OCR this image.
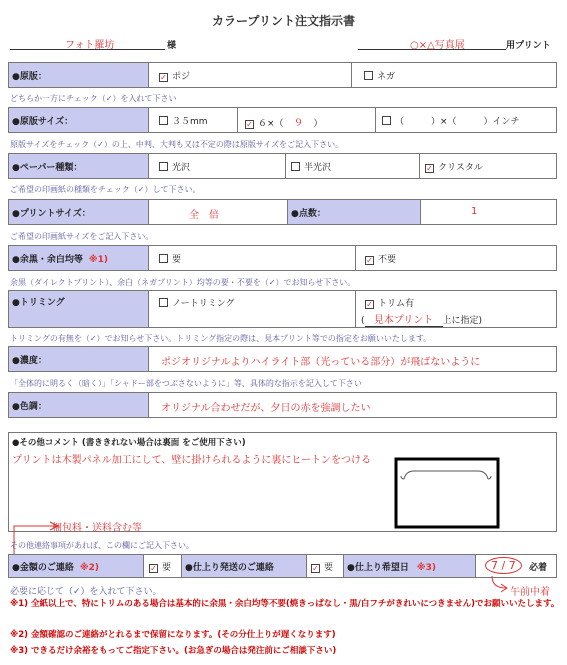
カラープリント注文指示書
フォト羅坊	様	○×△写真展	用プリント
●原版：	✓ ポジ	ネガ
どちらか一方にチェック（✓）を入れて下さい
●原版サイズ：	３５mm	✓ ６×（ ９ ）	（　　　）×（　　　）インチ
原版サイズをチェック（✓）の上、中判、大判も又は不定の際は原版サイズをご記入下さい。
●ペーパー種類：	光沢	半光沢	✓ クリスタル
ご希望の印画紙の種類をチェック（✓）して下さい。
●プリントサイズ：	全　倍	●点数：	1
ご希望の印画紙サイズをご記入下さい。
●余黒・余白均等 ※1)	要	✓ 不要
余黒（ダイレクトプリント）、余白（ネガプリント）均等の要・不要を（✓）でお知らせ下さい。
●トリミング	ノートリミング	✓ トリム有
( 見本プリント 上に指定)
トリミングの有無を（✓）でお知らせ下さい。トリミング指定の際は、見本プリント等での指定をお願いいたします。
●濃度：	ポジオリジナルよりハイライト部（光っている部分）が飛ばないように
「全体的に明るく（暗く）」「シャドー部をつぶさないように」等、具体的な指示を記入して下さい
●色調：	オリジナル合わせだが、夕日の赤を強調したい
●その他コメント (書ききれない場合は裏面 をご使用下さい)
プリントは木製パネル加工にして、壁に掛けられるように裏にヒートンをつける
梱包料・送料含む等
その他連絡事項があれば、この欄にご記入下さい。
●金額のご連絡 ※2)	✓ 要	●仕上り発送のご連絡	✓ 要	●仕上り希望日 ※3)	7 / 7	必着
午前中着
必要に応じて（✓）を入れて下さい。
※1) 全紙以上で、特にトリムのある場合は基本的に余黒・余白均等不要(焼きっぱなし・黒/白フチがきれいにつきません)でお願いいたします。
※2) 金額確認のご連絡がとれるまで保留になります。(その分仕上りが遅くなります)
※3) できるだけ余裕をもってご指定下さい。(お急ぎの場合は発注前にご相談下さい)
